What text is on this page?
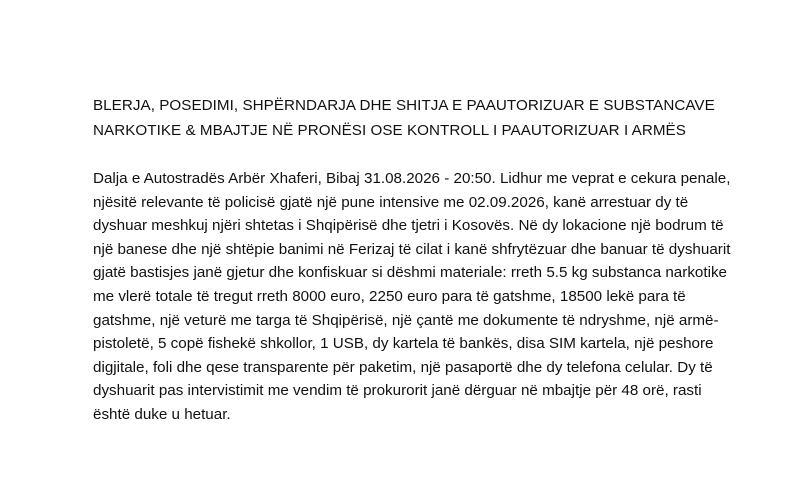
BLERJA, POSEDIMI, SHPËRNDARJA DHE SHITJA E PAAUTORIZUAR E SUBSTANCAVE NARKOTIKE & MBAJTJE NË PRONËSI OSE KONTROLL I PAAUTORIZUAR I ARMËS

Dalja e Autostradës Arbër Xhaferi, Bibaj 31.08.2026 - 20:50. Lidhur me veprat e cekura penale, njësitë relevante të policisë gjatë një pune intensive me 02.09.2026, kanë arrestuar dy të dyshuar meshkuj njëri shtetas i Shqipërisë dhe tjetri i Kosovës. Në dy lokacione një bodrum të një banese dhe një shtëpie banimi në Ferizaj të cilat i kanë shfrytëzuar dhe banuar të dyshuarit gjatë bastisjes janë gjetur dhe konfiskuar si dëshmi materiale: rreth 5.5 kg substanca narkotike me vlerë totale të tregut rreth 8000 euro, 2250 euro para të gatshme, 18500 lekë para të gatshme, një veturë me targa të Shqipërisë, një çantë me dokumente të ndryshme, një armë-pistoletë, 5 copë fishekë shkollor, 1 USB, dy kartela të bankës, disa SIM kartela, një peshore digjitale, foli dhe qese transparente për paketim, një pasaportë dhe dy telefona celular. Dy të dyshuarit pas intervistimit me vendim të prokurorit janë dërguar në mbajtje për 48 orë, rasti është duke u hetuar.
